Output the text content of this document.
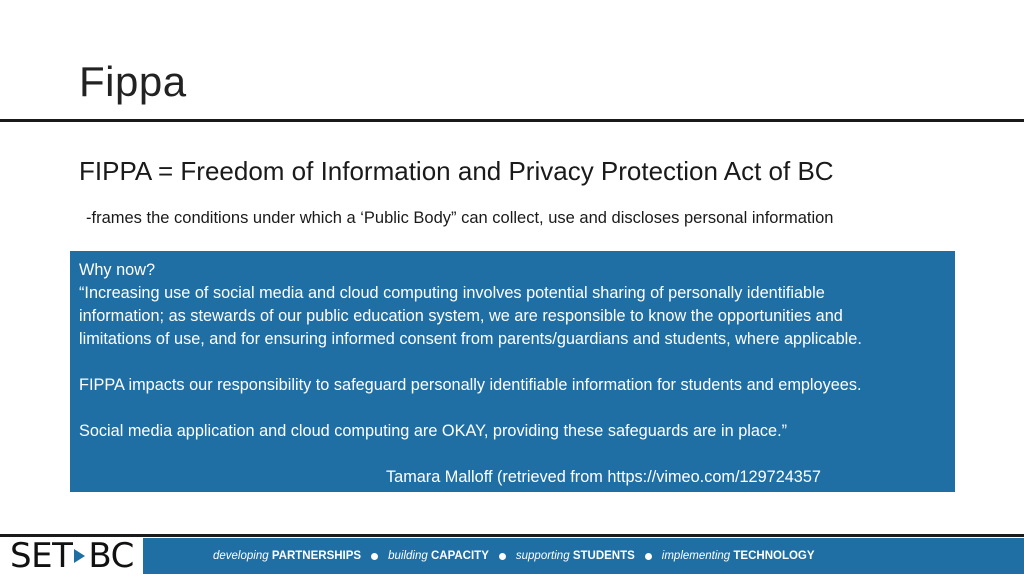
Fippa
FIPPA = Freedom of Information and Privacy Protection Act of BC
-frames the conditions under which a ‘Public Body” can collect, use and discloses personal information

Why now?

“Increasing use of social media and cloud computing involves potential sharing of personally identifiable

information; as stewards of our public education system, we are responsible to know the opportunities and

limitations of use, and for ensuring informed consent from parents/guardians and students, where applicable.

FIPPA impacts our responsibility to safeguard personally identifiable information for students and employees.

Social media application and cloud computing are OKAY, providing these safeguards are in place.”

Tamara Malloff (retrieved from https://vimeo.com/129724357

SET BC	developing PARTNERSHIPS building CAPACITY supporting STUDENTS implementing TECHNOLOGY
